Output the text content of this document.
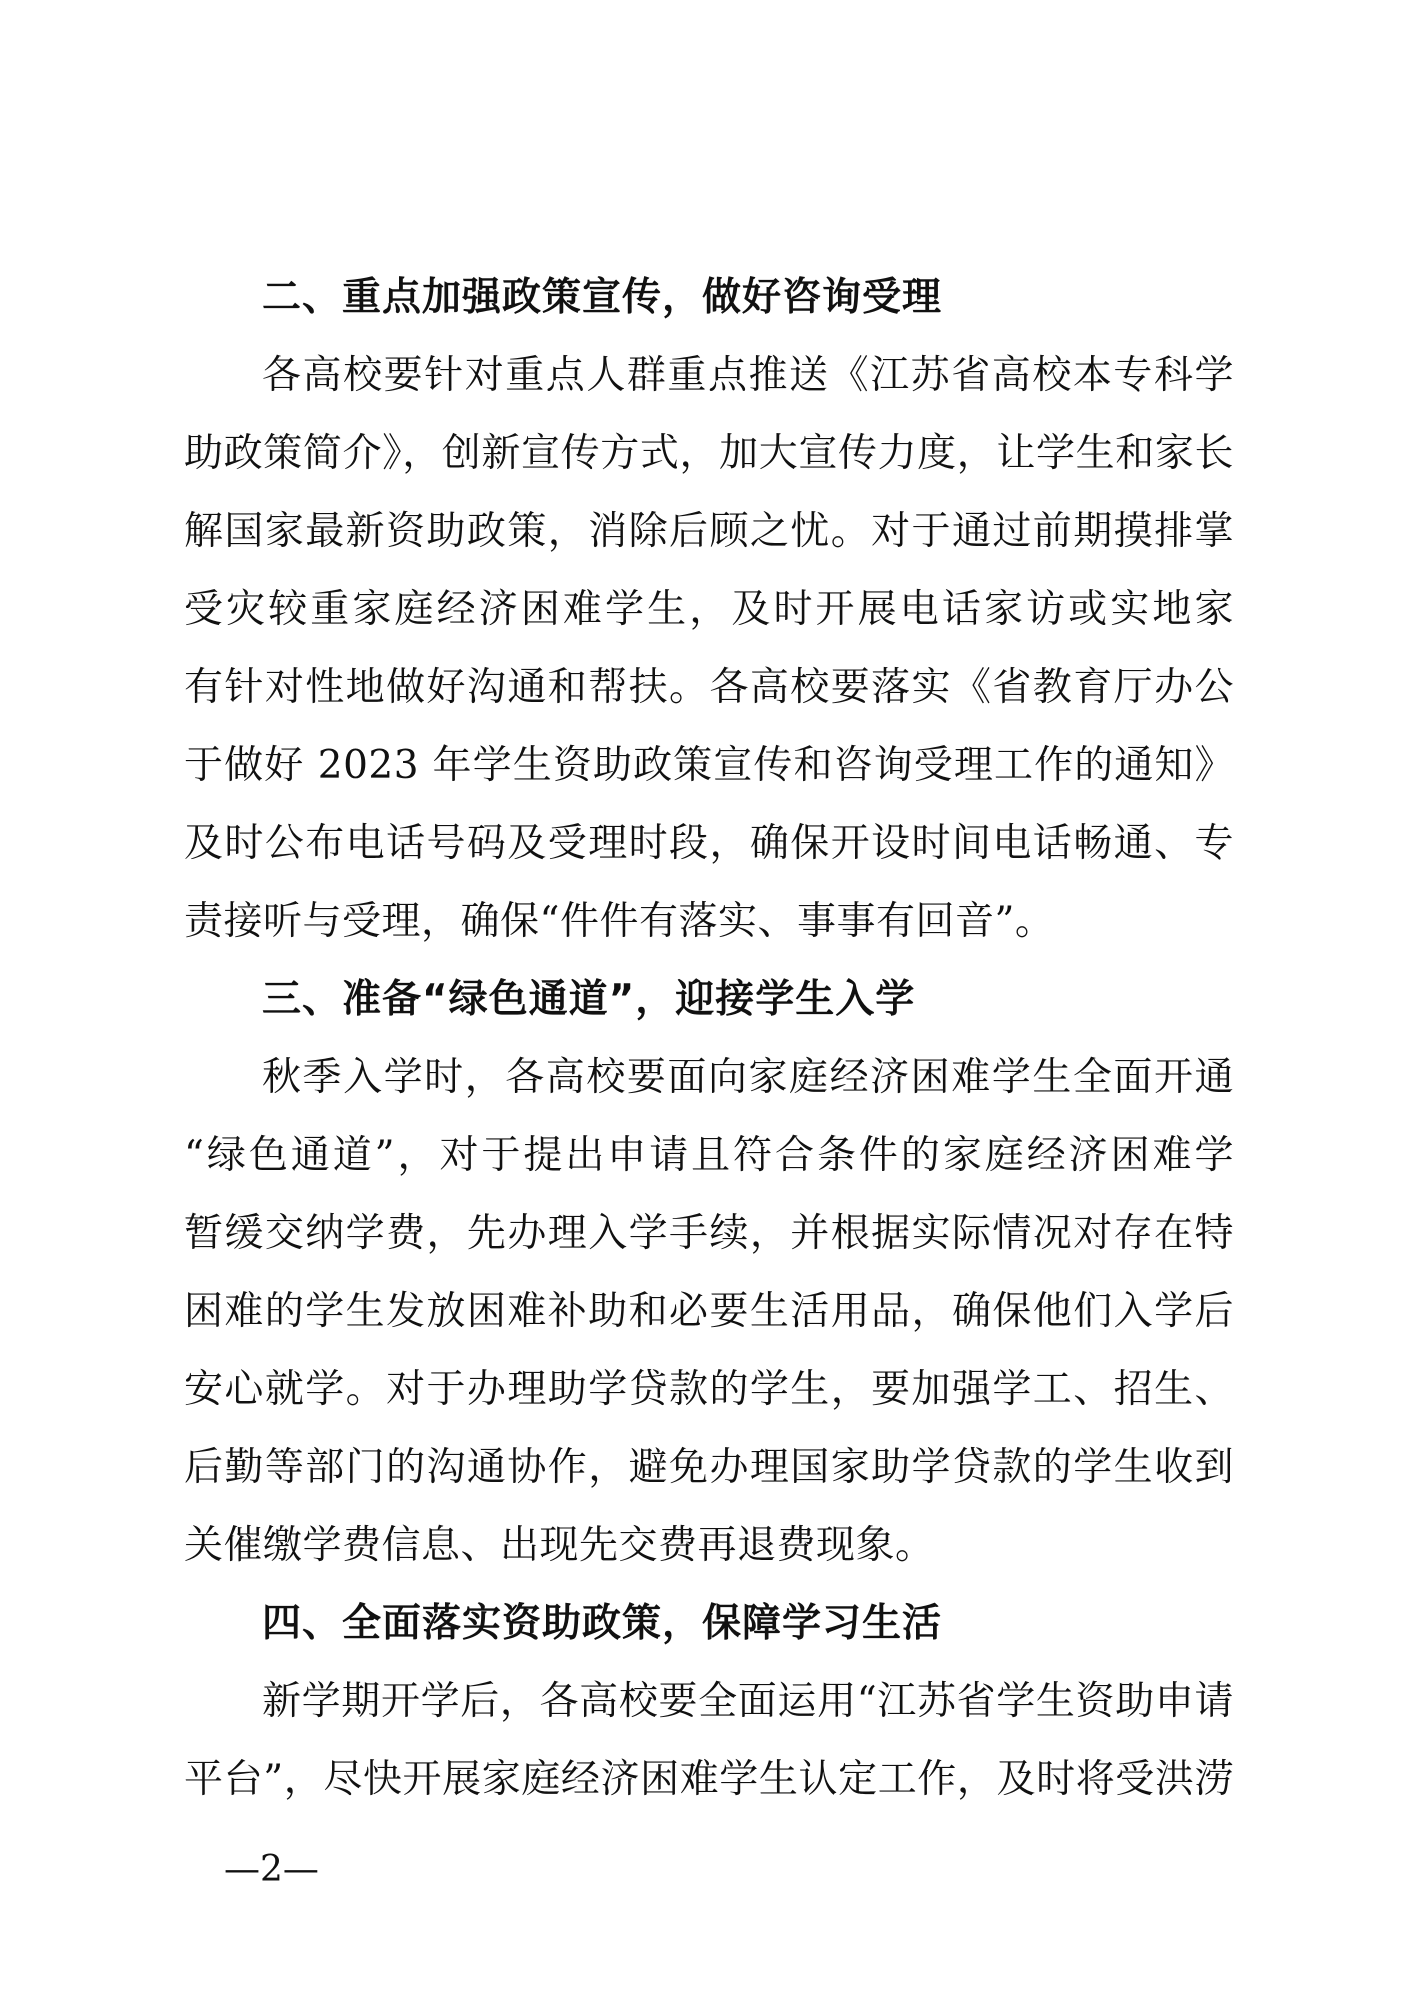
二、重点加强政策宣传，做好咨询受理
各高校要针对重点人群重点推送《江苏省高校本专科学
助政策简介》，创新宣传方式，加大宣传力度，让学生和家长
解国家最新资助政策，消除后顾之忧。对于通过前期摸排掌
受灾较重家庭经济困难学生，及时开展电话家访或实地家
有针对性地做好沟通和帮扶。各高校要落实《省教育厅办公
于做好 2023 年学生资助政策宣传和咨询受理工作的通知》
及时公布电话号码及受理时段，确保开设时间电话畅通、专
责接听与受理，确保“件件有落实、事事有回音”。
三、准备“绿色通道”，迎接学生入学
秋季入学时，各高校要面向家庭经济困难学生全面开通
“绿色通道”，对于提出申请且符合条件的家庭经济困难学
暂缓交纳学费，先办理入学手续，并根据实际情况对存在特
困难的学生发放困难补助和必要生活用品，确保他们入学后
安心就学。对于办理助学贷款的学生，要加强学工、招生、
后勤等部门的沟通协作，避免办理国家助学贷款的学生收到
关催缴学费信息、出现先交费再退费现象。
四、全面落实资助政策，保障学习生活
新学期开学后，各高校要全面运用“江苏省学生资助申请
平台”，尽快开展家庭经济困难学生认定工作，及时将受洪涝
—2—
